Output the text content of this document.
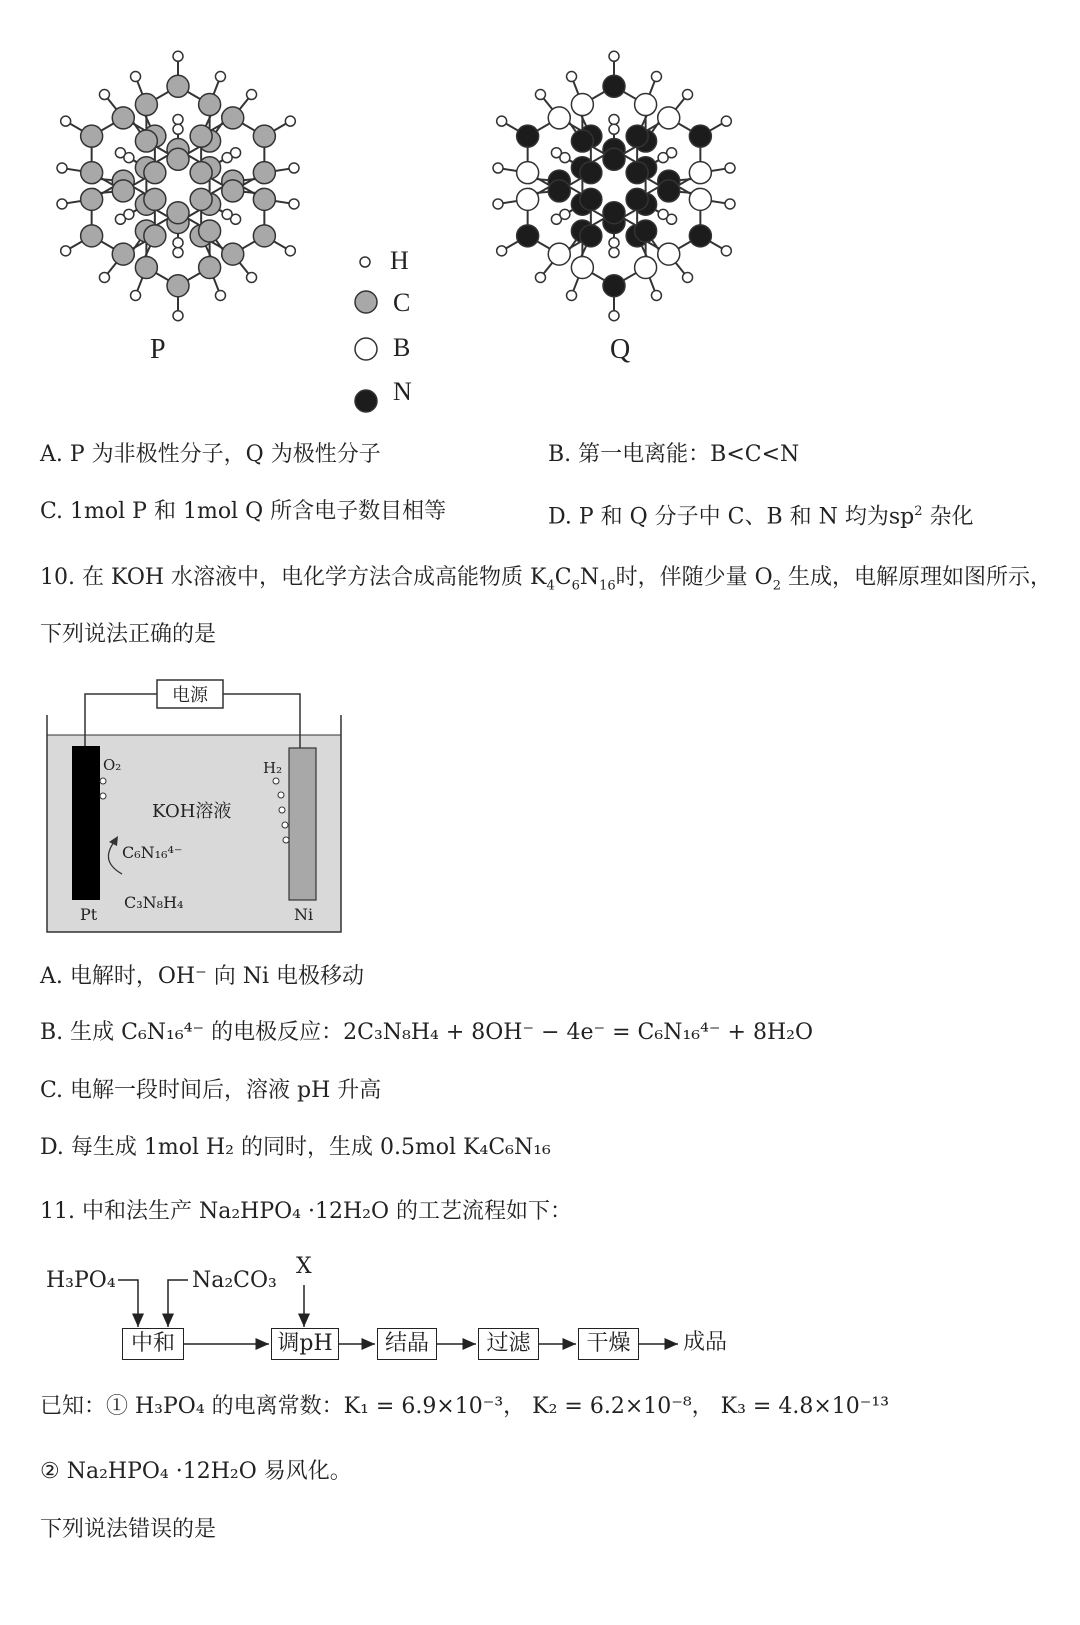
H
C
B
N
P	Q
A. P 为非极性分子，Q 为极性分子	B. 第一电离能：B<C<N
C. 1mol P 和 1mol Q 所含电子数目相等	D. P 和 Q 分子中 C、B 和 N 均为$sp^2$ 杂化
10. 在 KOH 水溶液中，电化学方法合成高能物质 $K_4C_6N_{16}$时，伴随少量 $O_2$ 生成，电解原理如图所示，
下列说法正确的是
电源
O₂	H₂
KOH溶液
C₆N₁₆⁴⁻
C₃N₈H₄
Pt	Ni
A. 电解时，OH⁻ 向 Ni 电极移动
B. 生成 C₆N₁₆⁴⁻ 的电极反应：2C₃N₈H₄ + 8OH⁻ − 4e⁻ = C₆N₁₆⁴⁻ + 8H₂O
C. 电解一段时间后，溶液 pH 升高
D. 每生成 1mol H₂ 的同时，生成 0.5mol K₄C₆N₁₆
11. 中和法生产 Na₂HPO₄ ·12H₂O 的工艺流程如下：
H₃PO₄	Na₂CO₃
X
中和	调pH	结晶	过滤	干燥	成品
已知：① H₃PO₄ 的电离常数：K₁ = 6.9×10⁻³， K₂ = 6.2×10⁻⁸， K₃ = 4.8×10⁻¹³
② Na₂HPO₄ ·12H₂O 易风化。
下列说法错误的是
